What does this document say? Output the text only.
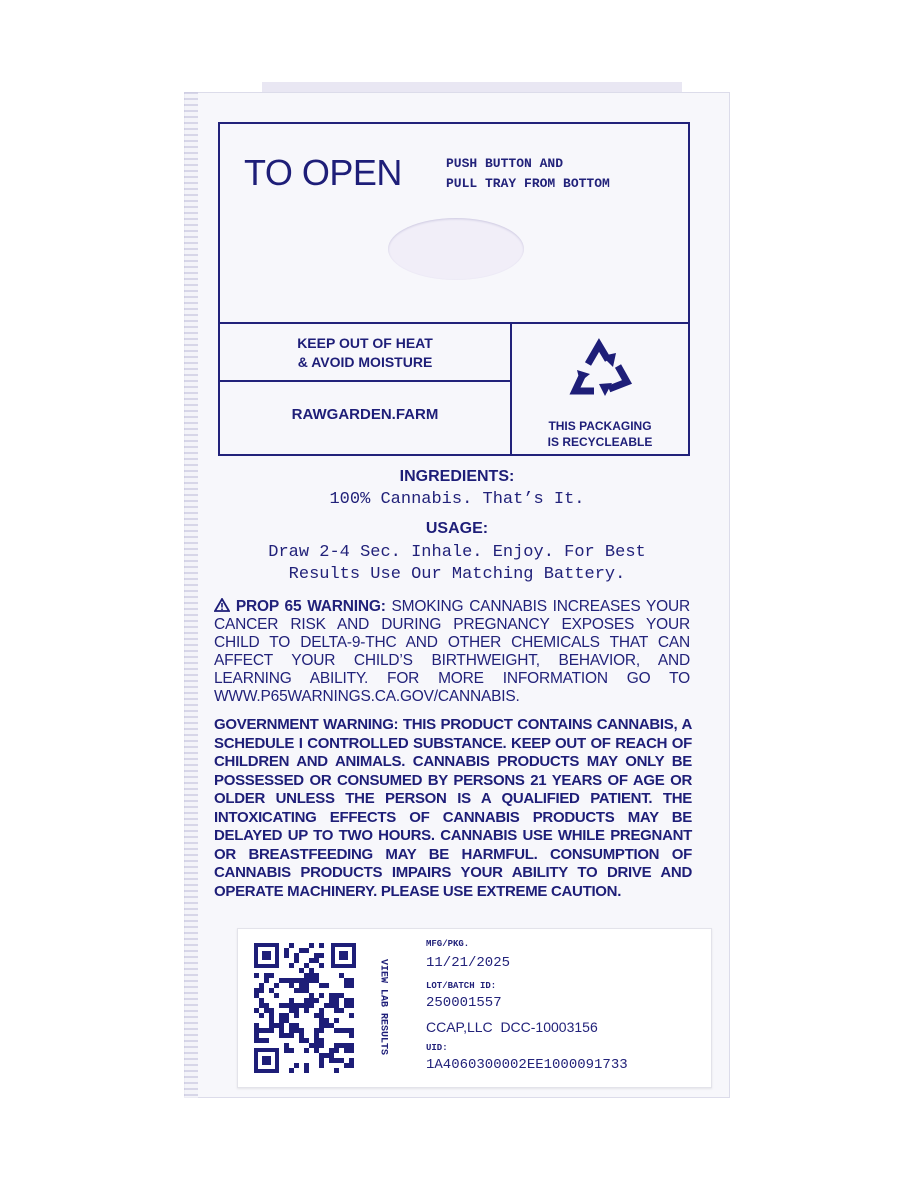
TO OPEN	PUSH BUTTON AND
PULL TRAY FROM BOTTOM
KEEP OUT OF HEAT
& AVOID MOISTURE
RAWGARDEN.FARM
THIS PACKAGING
IS RECYCLEABLE
INGREDIENTS:
100% Cannabis. That’s It.
USAGE:
Draw 2-4 Sec. Inhale. Enjoy. For Best
Results Use Our Matching Battery.
PROP 65 WARNING: SMOKING CANNABIS INCREASES YOUR CANCER RISK AND DURING PREGNANCY EXPOSES YOUR CHILD TO DELTA-9-THC AND OTHER CHEMICALS THAT CAN AFFECT YOUR CHILD’S BIRTHWEIGHT, BEHAVIOR, AND LEARNING ABILITY. FOR MORE INFORMATION GO TO WWW.P65WARNINGS.CA.GOV/CANNABIS.
GOVERNMENT WARNING: THIS PRODUCT CONTAINS CANNABIS, A SCHEDULE I CONTROLLED SUBSTANCE. KEEP OUT OF REACH OF CHILDREN AND ANIMALS. CANNABIS PRODUCTS MAY ONLY BE POSSESSED OR CONSUMED BY PERSONS 21 YEARS OF AGE OR OLDER UNLESS THE PERSON IS A QUALIFIED PATIENT. THE INTOXICATING EFFECTS OF CANNABIS PRODUCTS MAY BE DELAYED UP TO TWO HOURS. CANNABIS USE WHILE PREGNANT OR BREASTFEEDING MAY BE HARMFUL. CONSUMPTION OF CANNABIS PRODUCTS IMPAIRS YOUR ABILITY TO DRIVE AND OPERATE MACHINERY. PLEASE USE EXTREME CAUTION.
VIEW LAB RESULTS
MFG/PKG.
11/21/2025
LOT/BATCH ID:
250001557
CCAP,LLC  DCC-10003156
UID:
1A4060300002EE1000091733
